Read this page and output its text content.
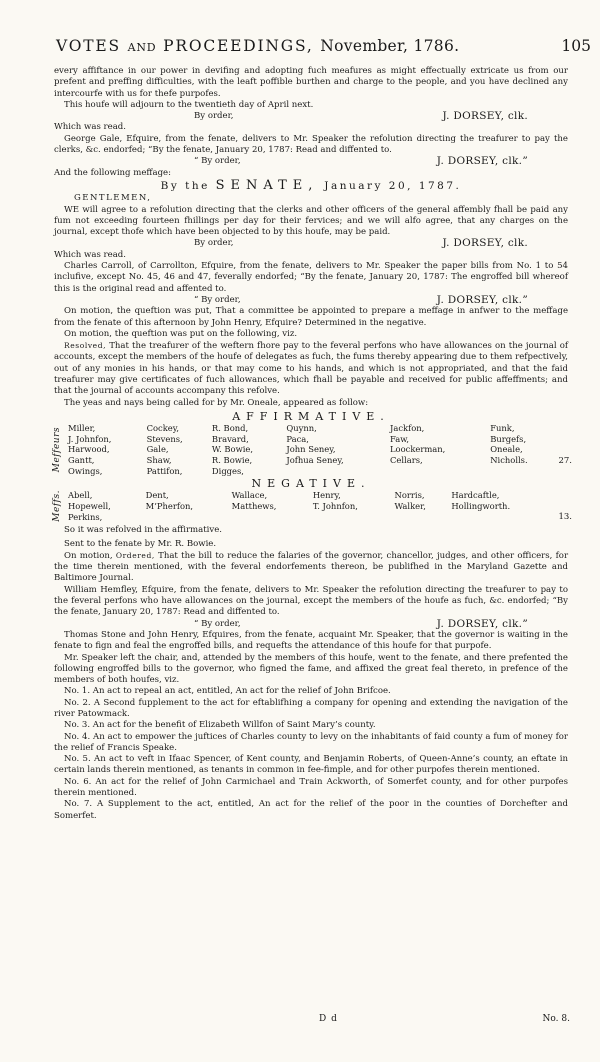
VOTES AND PROCEEDINGS, November, 1786.	105

every affiftance in our power in devifing and adopting fuch meafures as might effectually extricate us from our prefent and preffing difficulties, with the leaft poffible burthen and charge to the people, and you have declined any intercourfe with us for thefe purpofes.

This houfe will adjourn to the twentieth day of April next.

By order,	J. DORSEY, clk.

Which was read.

George Gale, Efquire, from the fenate, delivers to Mr. Speaker the refolution directing the treafurer to pay the clerks, &c. endorfed; “By the fenate, January 20, 1787: Read and diffented to.

“ By order,	J. DORSEY, clk.”

And the following meffage:

By the SENATE, January 20, 1787.

GENTLEMEN,

WE will agree to a refolution directing that the clerks and other officers of the general affembly fhall be paid any fum not exceeding fourteen fhillings per day for their fervices; and we will alfo agree, that any charges on the journal, except thofe which have been objected to by this houfe, may be paid.

By order,	J. DORSEY, clk.

Which was read.

Charles Carroll, of Carrollton, Efquire, from the fenate, delivers to Mr. Speaker the paper bills from No. 1 to 54 inclufive, except No. 45, 46 and 47, feverally endorfed; “By the fenate, January 20, 1787: The engroffed bill whereof this is the original read and affented to.

“ By order,	J. DORSEY, clk.”

On motion, the queftion was put, That a committee be appointed to prepare a meffage in anfwer to the meffage from the fenate of this afternoon by John Henry, Efquire? Determined in the negative.

On motion, the queftion was put on the following, viz.

Resolved, That the treafurer of the weftern fhore pay to the feveral perfons who have allowances on the journal of accounts, except the members of the houfe of delegates as fuch, the fums thereby appearing due to them refpectively, out of any monies in his hands, or that may come to his hands, and which is not appropriated, and that the faid treafurer may give certificates of fuch allowances, which fhall be payable and received for public affeffments; and that the journal of accounts accompany this refolve.

The yeas and nays being called for by Mr. Oneale, appeared as follow:

AFFIRMATIVE.
Meffeurs Miller,	Cockey,	R. Bond,	Quynn,	Jackfon,	Funk,
J. Johnfon,	Stevens,	Bravard,	Paca,	Faw,	Burgefs,
Harwood,	Gale,	W. Bowie,	John Seney,	Loockerman,	Oneale,
Gantt,	Shaw,	R. Bowie,	Jofhua Seney,	Cellars,	Nicholls.
Owings,	Pattifon,	Digges,			
27.
NEGATIVE.
Meffs. Abell,	Dent,	Wallace,	Henry,	Norris,	Hardcaftle,
Hopewell,	M’Pherfon,	Matthews,	T. Johnfon,	Walker,	Hollingworth.
Perkins,						13.

So it was refolved in the affirmative.

Sent to the fenate by Mr. R. Bowie.

On motion, Ordered, That the bill to reduce the falaries of the governor, chancellor, judges, and other officers, for the time therein mentioned, with the feveral endorfements thereon, be publifhed in the Maryland Gazette and Baltimore Journal.

William Hemfley, Efquire, from the fenate, delivers to Mr. Speaker the refolution directing the treafurer to pay to the feveral perfons who have allowances on the journal, except the members of the houfe as fuch, &c. endorfed; “By the fenate, January 20, 1787: Read and diffented to.

“ By order,	J. DORSEY, clk.”

Thomas Stone and John Henry, Efquires, from the fenate, acquaint Mr. Speaker, that the governor is waiting in the fenate to fign and feal the engroffed bills, and requefts the attendance of this houfe for that purpofe.

Mr. Speaker left the chair, and, attended by the members of this houfe, went to the fenate, and there prefented the following engroffed bills to the governor, who figned the fame, and affixed the great feal thereto, in prefence of the members of both houfes, viz.

No. 1. An act to repeal an act, entitled, An act for the relief of John Brifcoe.

No. 2. A Second fupplement to the act for eftablifhing a company for opening and extending the navigation of the river Patowmack.

No. 3. An act for the benefit of Elizabeth Willfon of Saint Mary’s county.

No. 4. An act to empower the juftices of Charles county to levy on the inhabitants of faid county a fum of money for the relief of Francis Speake.

No. 5. An act to veft in Ifaac Spencer, of Kent county, and Benjamin Roberts, of Queen-Anne’s county, an eftate in certain lands therein mentioned, as tenants in common in fee-fimple, and for other purpofes therein mentioned.

No. 6. An act for the relief of John Carmichael and Train Ackworth, of Somerfet county, and for other purpofes therein mentioned.

No. 7. A Supplement to the act, entitled, An act for the relief of the poor in the counties of Dorchefter and Somerfet.

D d	No. 8.
